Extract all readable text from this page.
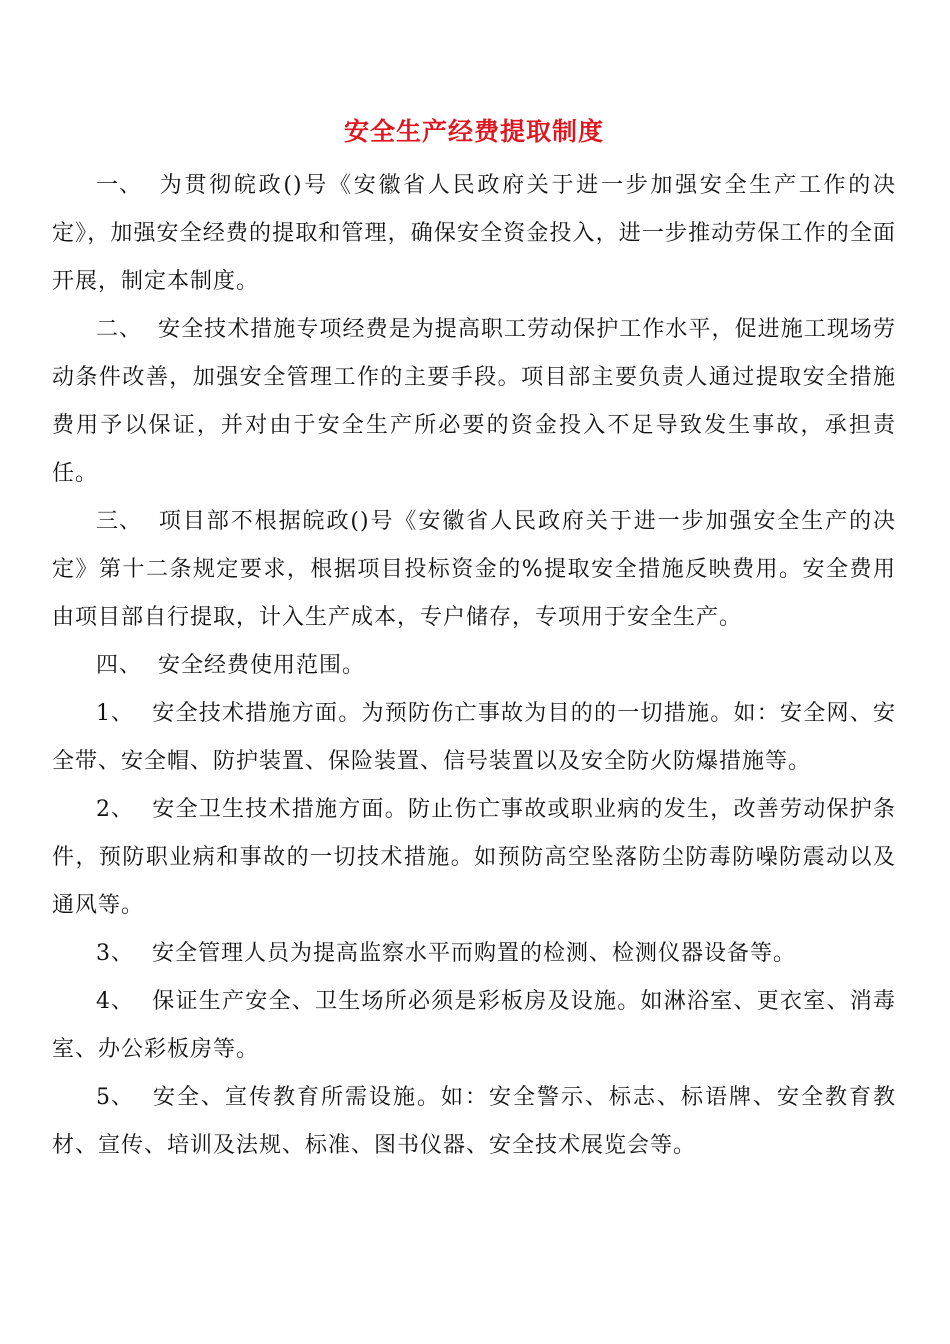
安全生产经费提取制度

一、 为贯彻皖政()号《安徽省人民政府关于进一步加强安全生产工作的决定》，加强安全经费的提取和管理，确保安全资金投入，进一步推动劳保工作的全面开展，制定本制度。

二、 安全技术措施专项经费是为提高职工劳动保护工作水平，促进施工现场劳动条件改善，加强安全管理工作的主要手段。项目部主要负责人通过提取安全措施费用予以保证，并对由于安全生产所必要的资金投入不足导致发生事故，承担责任。

三、 项目部不根据皖政()号《安徽省人民政府关于进一步加强安全生产的决定》第十二条规定要求，根据项目投标资金的%提取安全措施反映费用。安全费用由项目部自行提取，计入生产成本，专户储存，专项用于安全生产。

四、 安全经费使用范围。

1、 安全技术措施方面。为预防伤亡事故为目的的一切措施。如：安全网、安全带、安全帽、防护装置、保险装置、信号装置以及安全防火防爆措施等。

2、 安全卫生技术措施方面。防止伤亡事故或职业病的发生，改善劳动保护条件，预防职业病和事故的一切技术措施。如预防高空坠落防尘防毒防噪防震动以及通风等。

3、 安全管理人员为提高监察水平而购置的检测、检测仪器设备等。

4、 保证生产安全、卫生场所必须是彩板房及设施。如淋浴室、更衣室、消毒室、办公彩板房等。

5、 安全、宣传教育所需设施。如：安全警示、标志、标语牌、安全教育教材、宣传、培训及法规、标准、图书仪器、安全技术展览会等。
